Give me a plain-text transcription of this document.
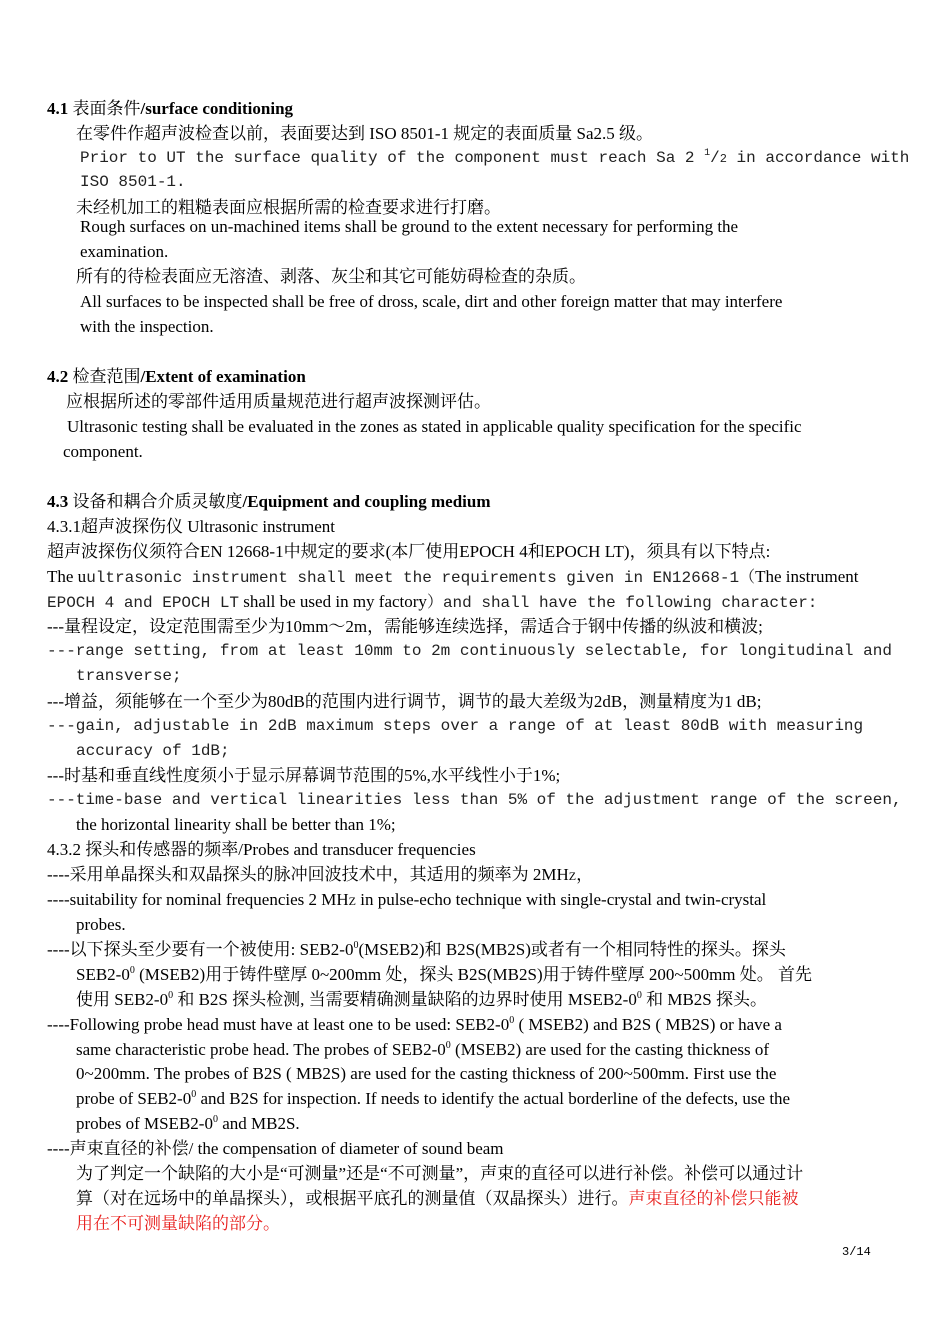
4.1 表面条件/surface conditioning
在零件作超声波检查以前，表面要达到 ISO 8501-1 规定的表面质量 Sa2.5 级。
Prior to UT the surface quality of the component must reach Sa 2 $^1$/2 in accordance with
ISO 8501-1.
未经机加工的粗糙表面应根据所需的检查要求进行打磨。
Rough surfaces on un-machined items shall be ground to the extent necessary for performing the
examination.
所有的待检表面应无溶渣、剥落、灰尘和其它可能妨碍检查的杂质。
All surfaces to be inspected shall be free of dross, scale, dirt and other foreign matter that may interfere
with the inspection.
4.2 检查范围/Extent of examination
应根据所述的零部件适用质量规范进行超声波探测评估。
Ultrasonic testing shall be evaluated in the zones as stated in applicable quality specification for the specific
component.
4.3 设备和耦合介质灵敏度/Equipment and coupling medium
4.3.1超声波探伤仪 Ultrasonic instrument
超声波探伤仪须符合EN 12668-1中规定的要求(本厂使用EPOCH 4和EPOCH LT)，须具有以下特点:
The uultrasonic instrument shall meet the requirements given in EN12668-1（The instrument
EPOCH 4 and EPOCH LT shall be used in my factory）and shall have the following character:
---量程设定，设定范围需至少为10mm～2m，需能够连续选择，需适合于钢中传播的纵波和横波;
---range setting, from at least 10mm to 2m continuously selectable, for longitudinal and
transverse;
---增益，须能够在一个至少为80dB的范围内进行调节，调节的最大差级为2dB，测量精度为1 dB;
---gain, adjustable in 2dB maximum steps over a range of at least 80dB with measuring
accuracy of 1dB;
---时基和垂直线性度须小于显示屏幕调节范围的5%,水平线性小于1%;
---time-base and vertical linearities less than 5% of the adjustment range of the screen,
the horizontal linearity shall be better than 1%;
4.3.2 探头和传感器的频率/Probes and transducer frequencies
----采用单晶探头和双晶探头的脉冲回波技术中，其适用的频率为 2MHZ，
----suitability for nominal frequencies 2 MHZ in pulse-echo technique with single-crystal and twin-crystal
probes.
----以下探头至少要有一个被使用: $SEB2-0^0(MSEB2)$和 B2S(MB2S)或者有一个相同特性的探头。探头
$SEB2-0^0$ (MSEB2)用于铸件壁厚 0~200mm 处，探头 B2S(MB2S)用于铸件壁厚 200~500mm 处。 首先
使用 $SEB2-0^0$ 和 B2S 探头检测, 当需要精确测量缺陷的边界时使用 $MSEB2-0^0$ 和 MB2S 探头。
----Following probe head must have at least one to be used: $SEB2-0^0$ ( MSEB2) and B2S ( MB2S) or have a
same characteristic probe head. The probes of $SEB2-0^0$ (MSEB2) are used for the casting thickness of
0~200mm. The probes of B2S ( MB2S) are used for the casting thickness of 200~500mm. First use the
probe of $SEB2-0^0$ and B2S for inspection. If needs to identify the actual borderline of the defects, use the
probes of $MSEB2-0^0$ and MB2S.
----声束直径的补偿/ the compensation of diameter of sound beam
为了判定一个缺陷的大小是“可测量”还是“不可测量”，声束的直径可以进行补偿。补偿可以通过计
算（对在远场中的单晶探头），或根据平底孔的测量值（双晶探头）进行。声束直径的补偿只能被
用在不可测量缺陷的部分。
3/14
